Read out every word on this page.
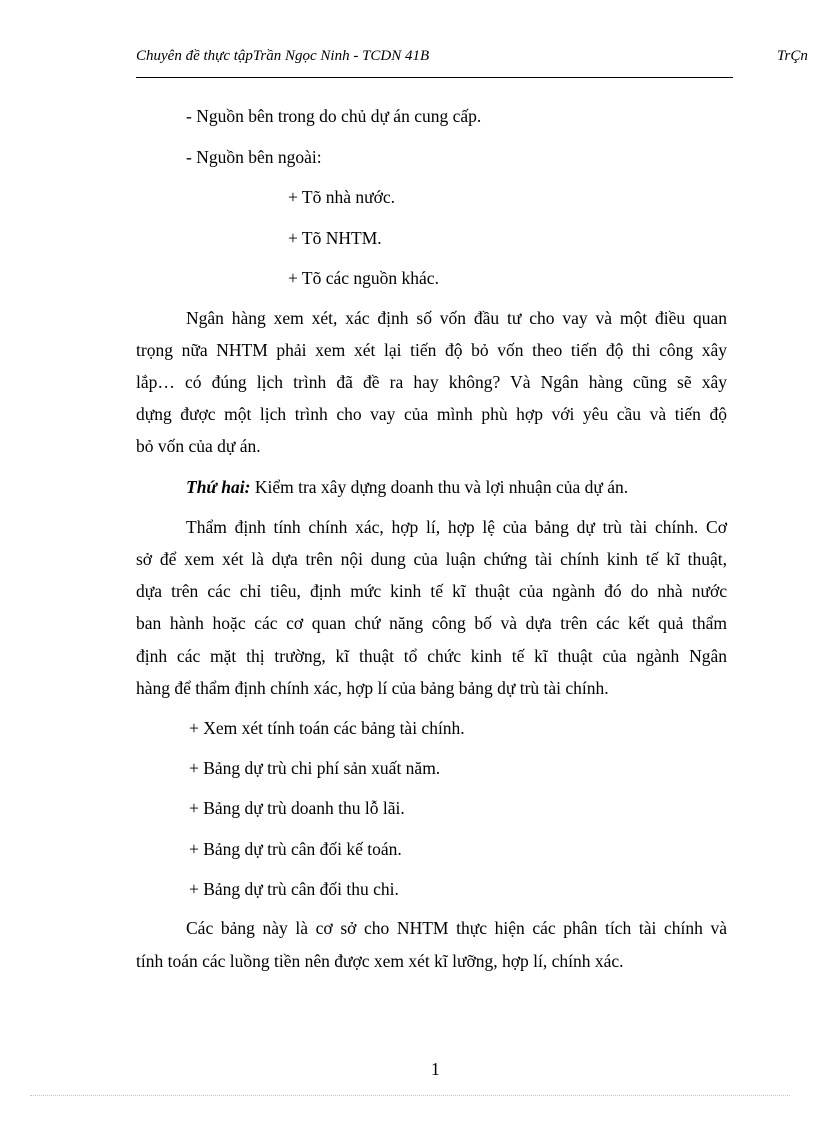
Chuyên đề thực tậpTrần Ngọc Ninh - TCDN 41B	TrÇn
- Nguồn bên trong do chủ dự án cung cấp.
- Nguồn bên ngoài:
+ Tõ nhà nước.
+ Tõ NHTM.
+ Tõ các nguồn khác.
Ngân hàng xem xét, xác định số vốn đầu tư cho vay và một điều quan
trọng nữa NHTM phải xem xét lại tiến độ bỏ vốn theo tiến độ thi công xây
lắp… có đúng lịch trình đã đề ra hay không? Và Ngân hàng cũng sẽ xây
dựng được một lịch trình cho vay của mình phù hợp với yêu cầu và tiến độ
bỏ vốn của dự án.
Thứ hai: Kiểm tra xây dựng doanh thu và lợi nhuận của dự án.
Thẩm định tính chính xác, hợp lí, hợp lệ của bảng dự trù tài chính. Cơ
sở để xem xét là dựa trên nội dung của luận chứng tài chính kinh tế kĩ thuật,
dựa trên các chỉ tiêu, định mức kinh tế kĩ thuật của ngành đó do nhà nước
ban hành hoặc các cơ quan chứ năng công bố và dựa trên các kết quả thẩm
định các mặt thị trường, kĩ thuật tổ chức kinh tế kĩ thuật của ngành Ngân
hàng để thẩm định chính xác, hợp lí của bảng bảng dự trù tài chính.
+ Xem xét tính toán các bảng tài chính.
+ Bảng dự trù chi phí sản xuất năm.
+ Bảng dự trù doanh thu lỗ lãi.
+ Bảng dự trù cân đối kế toán.
+ Bảng dự trù cân đối thu chi.
Các bảng này là cơ sở cho NHTM thực hiện các phân tích tài chính và
tính toán các luồng tiền nên được xem xét kĩ lưỡng, hợp lí, chính xác.
1
